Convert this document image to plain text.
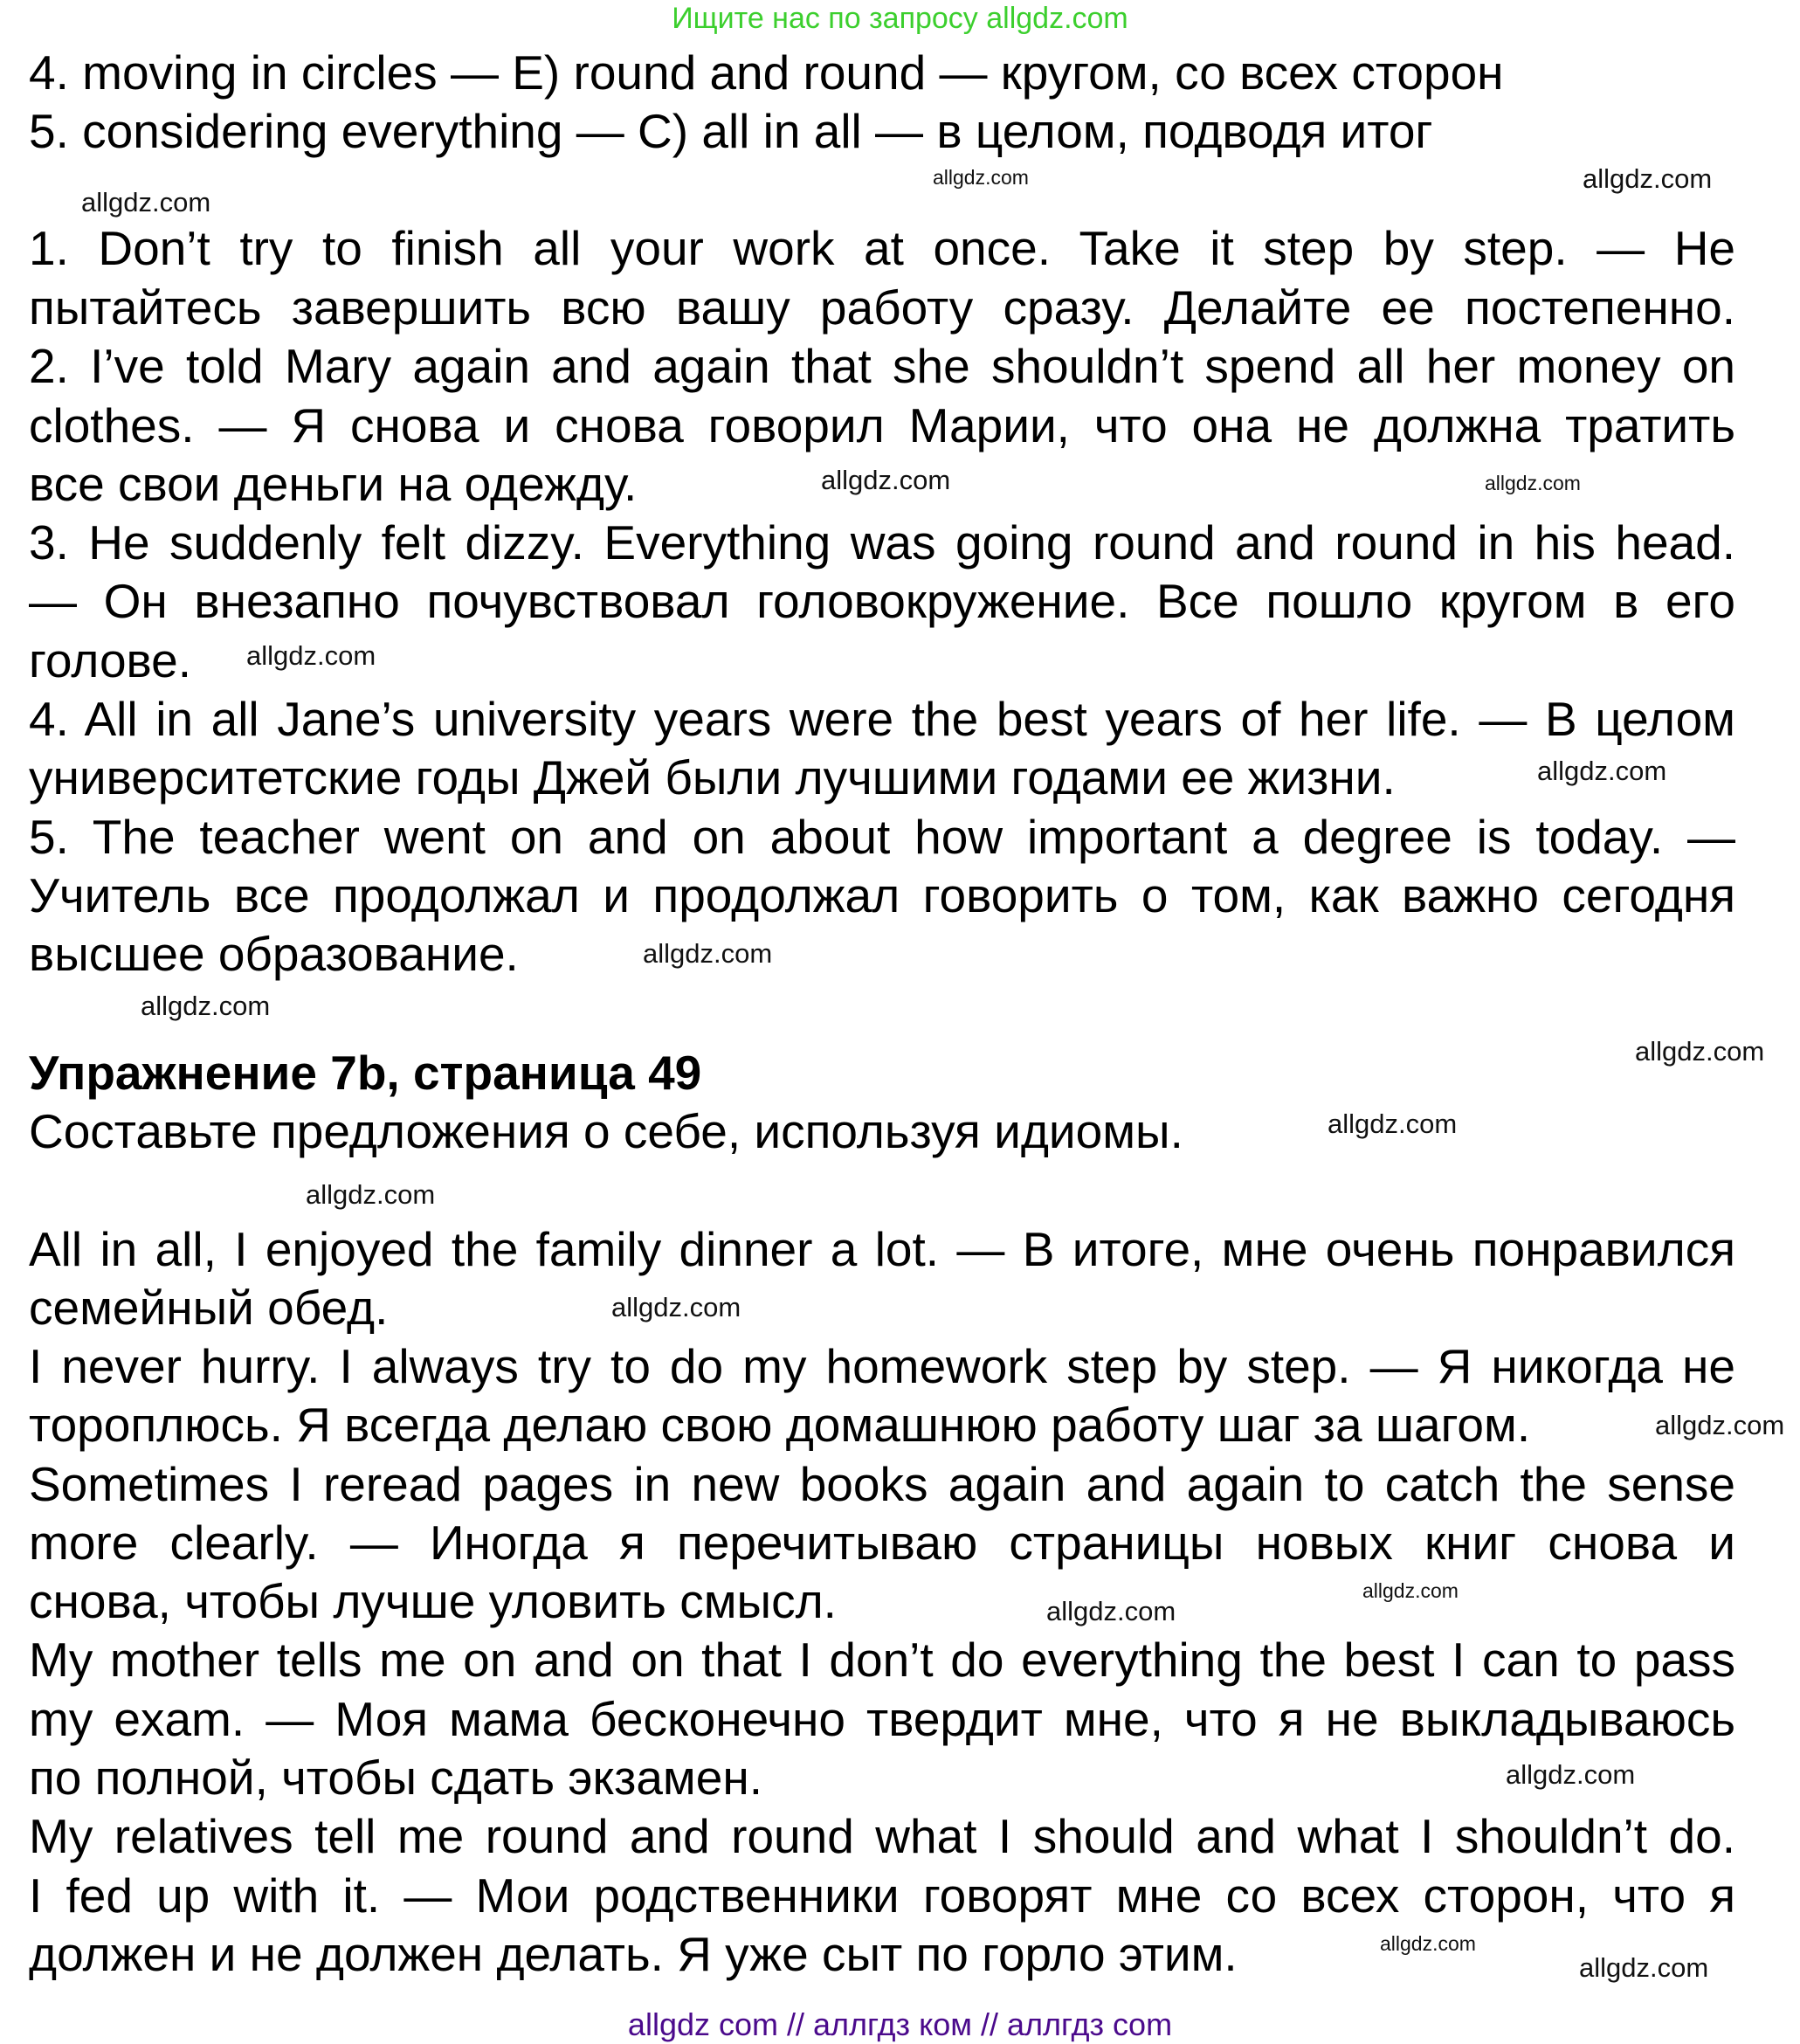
Ищите нас по запросу allgdz.com
4. moving in circles — E) round and round — кругом, со всех сторон
5. considering everything — C) all in all — в целом, подводя итог
1. Don’t try to finish all your work at once. Take it step by step. — Не
пытайтесь завершить всю вашу работу сразу. Делайте ее постепенно.
2. I’ve told Mary again and again that she shouldn’t spend all her money on
clothes. — Я снова и снова говорил Марии, что она не должна тратить
все свои деньги на одежду.
3. He suddenly felt dizzy. Everything was going round and round in his head.
— Он внезапно почувствовал головокружение. Все пошло кругом в его
голове.
4. All in all Jane’s university years were the best years of her life. — В целом
университетские годы Джей были лучшими годами ее жизни.
5. The teacher went on and on about how important a degree is today. —
Учитель все продолжал и продолжал говорить о том, как важно сегодня
высшее образование.
Упражнение 7b, страница 49
Составьте предложения о себе, используя идиомы.
All in all, I enjoyed the family dinner a lot. — В итоге, мне очень понравился
семейный обед.
I never hurry. I always try to do my homework step by step. — Я никогда не
тороплюсь. Я всегда делаю свою домашнюю работу шаг за шагом.
Sometimes I reread pages in new books again and again to catch the sense
more clearly. — Иногда я перечитываю страницы новых книг снова и
снова, чтобы лучше уловить смысл.
My mother tells me on and on that I don’t do everything the best I can to pass
my exam. — Моя мама бесконечно твердит мне, что я не выкладываюсь
по полной, чтобы сдать экзамен.
My relatives tell me round and round what I should and what I shouldn’t do.
I fed up with it. — Мои родственники говорят мне со всех сторон, что я
должен и не должен делать. Я уже сыт по горло этим.
allgdz.com	allgdz.com
allgdz.com
allgdz.com
allgdz.com
allgdz.com
allgdz.com
allgdz.com
allgdz.com
allgdz.com
allgdz.com
allgdz.com
allgdz.com
allgdz.com
allgdz.com
allgdz.com
allgdz.com
allgdz.com
allgdz.com
allgdz com // аллгдз ком // аллгдз com
